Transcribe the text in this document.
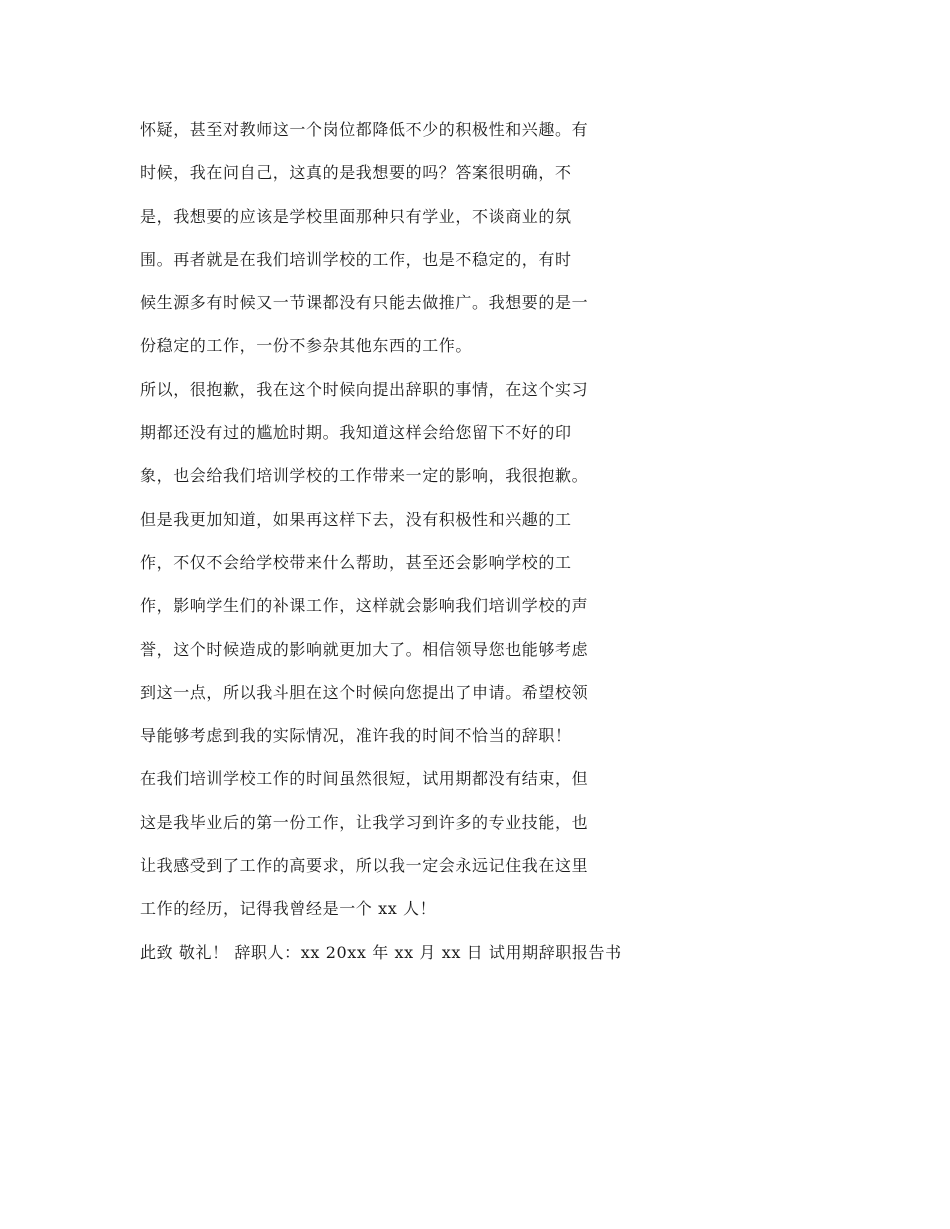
怀疑，甚至对教师这一个岗位都降低不少的积极性和兴趣。有
时候，我在问自己，这真的是我想要的吗？答案很明确，不
是，我想要的应该是学校里面那种只有学业，不谈商业的氛
围。再者就是在我们培训学校的工作，也是不稳定的，有时
候生源多有时候又一节课都没有只能去做推广。我想要的是一
份稳定的工作，一份不参杂其他东西的工作。
所以，很抱歉，我在这个时候向提出辞职的事情，在这个实习
期都还没有过的尴尬时期。我知道这样会给您留下不好的印
象，也会给我们培训学校的工作带来一定的影响，我很抱歉。
但是我更加知道，如果再这样下去，没有积极性和兴趣的工
作，不仅不会给学校带来什么帮助，甚至还会影响学校的工
作，影响学生们的补课工作，这样就会影响我们培训学校的声
誉，这个时候造成的影响就更加大了。相信领导您也能够考虑
到这一点，所以我斗胆在这个时候向您提出了申请。希望校领
导能够考虑到我的实际情况，准许我的时间不恰当的辞职！
在我们培训学校工作的时间虽然很短，试用期都没有结束，但
这是我毕业后的第一份工作，让我学习到许多的专业技能，也
让我感受到了工作的高要求，所以我一定会永远记住我在这里
工作的经历，记得我曾经是一个 xx 人！
此致 敬礼！ 辞职人：xx 20xx 年 xx 月 xx 日 试用期辞职报告书
